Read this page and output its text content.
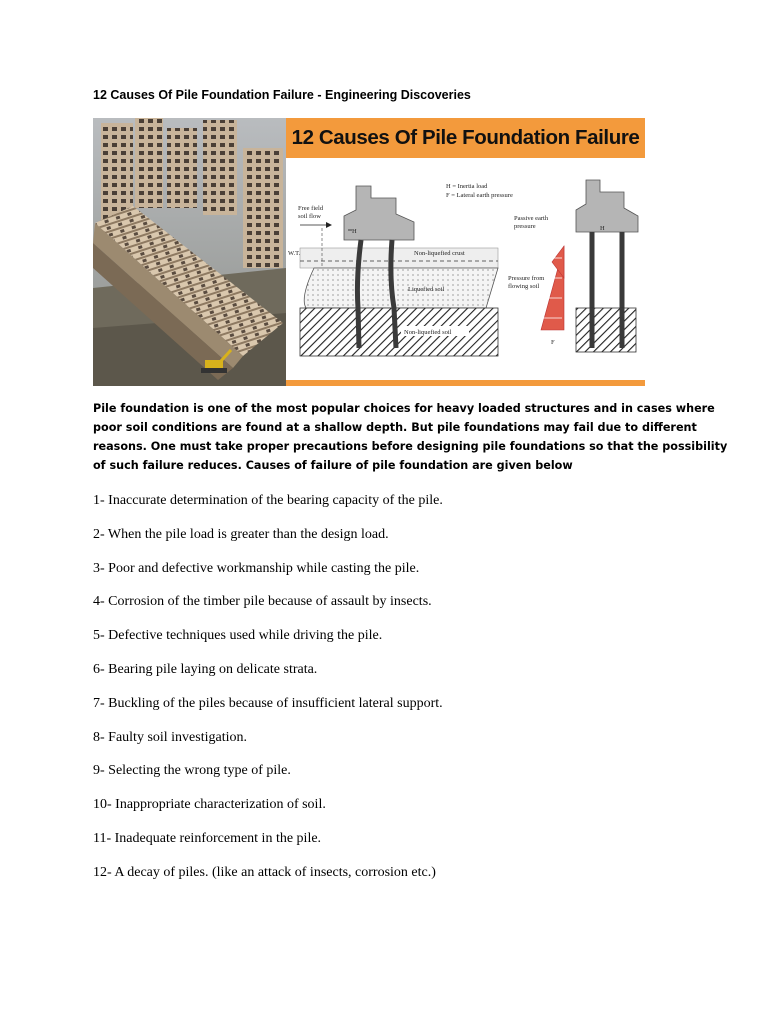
12 Causes Of Pile Foundation Failure - Engineering Discoveries
12 Causes Of Pile Foundation Failure
H = Inertia load
F = Lateral earth pressure
Free field
soil flow
W.T.
H
Non-liquefied crust
Liquefied soil
Non-liquefied soil
Passive earth
pressure
Pressure from
flowing soil
F
H

Pile foundation is one of the most popular choices for heavy loaded structures and in cases where

poor soil conditions are found at a shallow depth. But pile foundations may fail due to different

reasons. One must take proper precautions before designing pile foundations so that the possibility

of such failure reduces. Causes of failure of pile foundation are given below

1- Inaccurate determination of the bearing capacity of the pile.
2- When the pile load is greater than the design load.
3- Poor and defective workmanship while casting the pile.
4- Corrosion of the timber pile because of assault by insects.
5- Defective techniques used while driving the pile.
6- Bearing pile laying on delicate strata.
7- Buckling of the piles because of insufficient lateral support.
8- Faulty soil investigation.
9- Selecting the wrong type of pile.
10- Inappropriate characterization of soil.
11- Inadequate reinforcement in the pile.
12- A decay of piles. (like an attack of insects, corrosion etc.)
